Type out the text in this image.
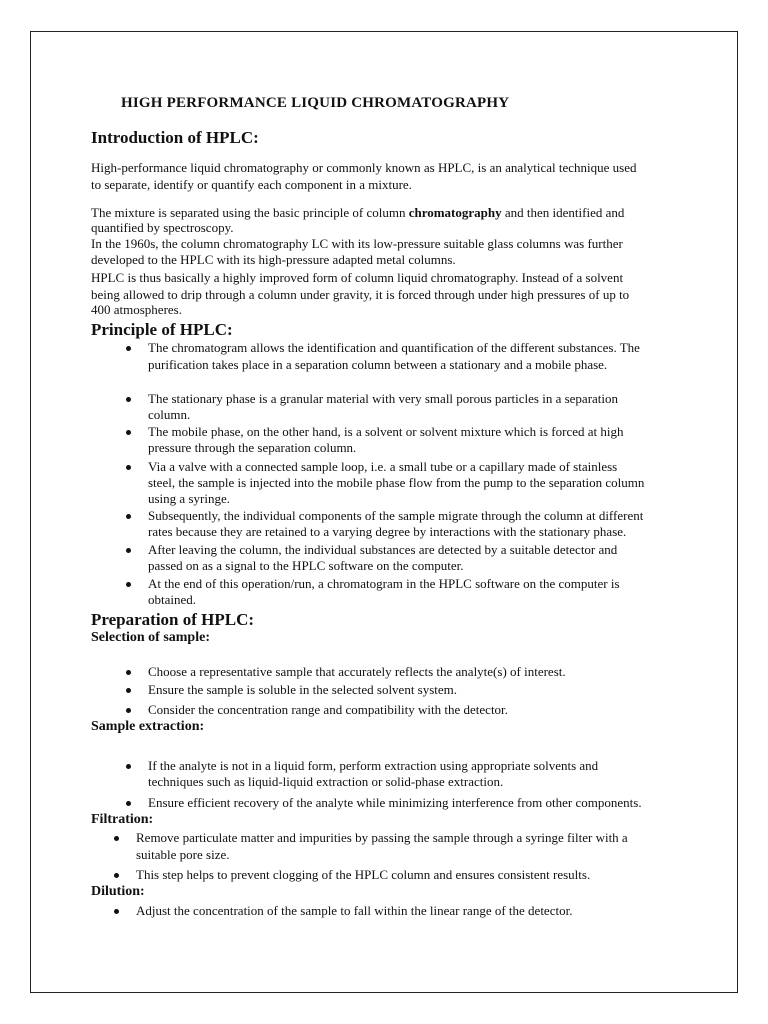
HIGH PERFORMANCE LIQUID CHROMATOGRAPHY
Introduction of HPLC:
High-performance liquid chromatography or commonly known as HPLC, is an analytical technique used
to separate, identify or quantify each component in a mixture.
The mixture is separated using the basic principle of column chromatography and then identified and
quantified by spectroscopy.
In the 1960s, the column chromatography LC with its low-pressure suitable glass columns was further
developed to the HPLC with its high-pressure adapted metal columns.
HPLC is thus basically a highly improved form of column liquid chromatography. Instead of a solvent
being allowed to drip through a column under gravity, it is forced through under high pressures of up to
400 atmospheres.
Principle of HPLC:
The chromatogram allows the identification and quantification of the different substances. The
purification takes place in a separation column between a stationary and a mobile phase.
The stationary phase is a granular material with very small porous particles in a separation
column.
The mobile phase, on the other hand, is a solvent or solvent mixture which is forced at high
pressure through the separation column.
Via a valve with a connected sample loop, i.e. a small tube or a capillary made of stainless
steel, the sample is injected into the mobile phase flow from the pump to the separation column
using a syringe.
Subsequently, the individual components of the sample migrate through the column at different
rates because they are retained to a varying degree by interactions with the stationary phase.
After leaving the column, the individual substances are detected by a suitable detector and
passed on as a signal to the HPLC software on the computer.
At the end of this operation/run, a chromatogram in the HPLC software on the computer is
obtained.
Preparation of HPLC:
Selection of sample:
Choose a representative sample that accurately reflects the analyte(s) of interest.
Ensure the sample is soluble in the selected solvent system.
Consider the concentration range and compatibility with the detector.
Sample extraction:
If the analyte is not in a liquid form, perform extraction using appropriate solvents and
techniques such as liquid-liquid extraction or solid-phase extraction.
Ensure efficient recovery of the analyte while minimizing interference from other components.
Filtration:
Remove particulate matter and impurities by passing the sample through a syringe filter with a
suitable pore size.
This step helps to prevent clogging of the HPLC column and ensures consistent results.
Dilution:
Adjust the concentration of the sample to fall within the linear range of the detector.
